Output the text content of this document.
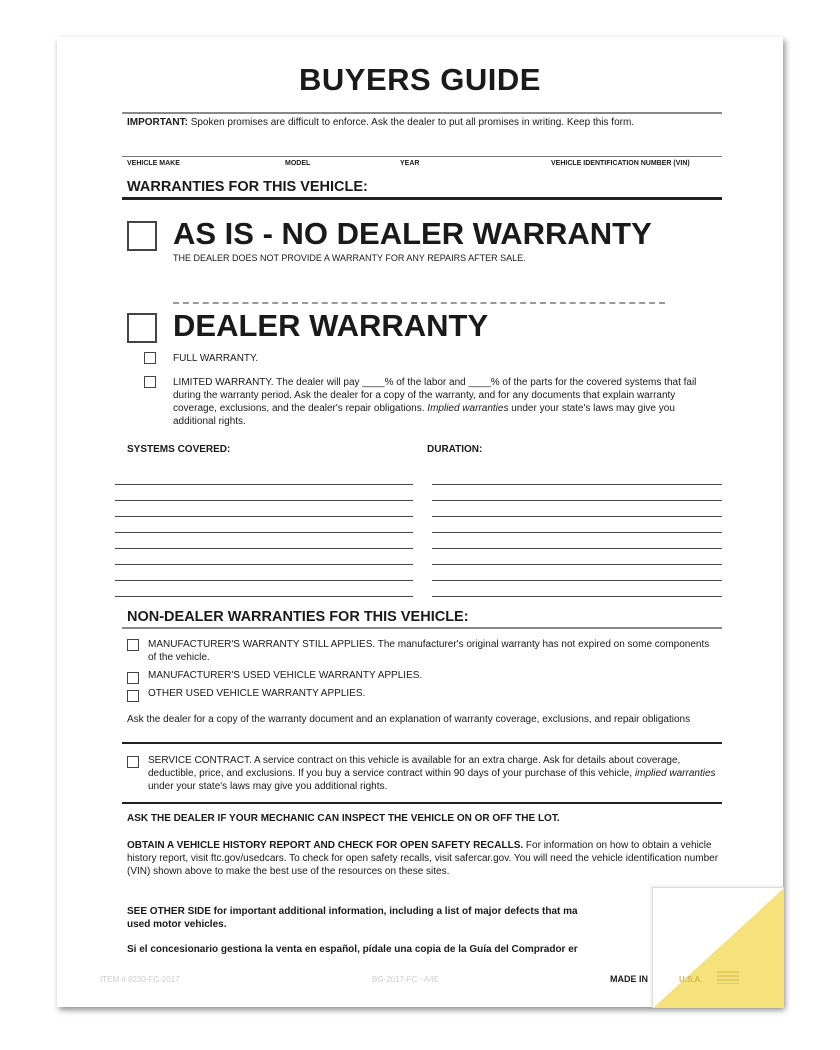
BUYERS GUIDE
IMPORTANT: Spoken promises are difficult to enforce. Ask the dealer to put all promises in writing. Keep this form.
VEHICLE MAKE	MODEL	YEAR	VEHICLE IDENTIFICATION NUMBER (VIN)
WARRANTIES FOR THIS VEHICLE:
AS IS - NO DEALER WARRANTY
THE DEALER DOES NOT PROVIDE A WARRANTY FOR ANY REPAIRS AFTER SALE.
DEALER WARRANTY
FULL WARRANTY.
LIMITED WARRANTY. The dealer will pay ____% of the labor and ____% of the parts for the covered systems that fail during the warranty period. Ask the dealer for a copy of the warranty, and for any documents that explain warranty coverage, exclusions, and the dealer's repair obligations. Implied warranties under your state's laws may give you additional rights.
SYSTEMS COVERED:	DURATION:
NON-DEALER WARRANTIES FOR THIS VEHICLE:
MANUFACTURER'S WARRANTY STILL APPLIES. The manufacturer's original warranty has not expired on some components of the vehicle.
MANUFACTURER'S USED VEHICLE WARRANTY APPLIES.
OTHER USED VEHICLE WARRANTY APPLIES.
Ask the dealer for a copy of the warranty document and an explanation of warranty coverage, exclusions, and repair obligations
SERVICE CONTRACT. A service contract on this vehicle is available for an extra charge. Ask for details about coverage, deductible, price, and exclusions. If you buy a service contract within 90 days of your purchase of this vehicle, implied warranties under your state's laws may give you additional rights.
ASK THE DEALER IF YOUR MECHANIC CAN INSPECT THE VEHICLE ON OR OFF THE LOT.
OBTAIN A VEHICLE HISTORY REPORT AND CHECK FOR OPEN SAFETY RECALLS. For information on how to obtain a vehicle history report, visit ftc.gov/usedcars. To check for open safety recalls, visit safercar.gov. You will need the vehicle identification number (VIN) shown above to make the best use of the resources on these sites.
SEE OTHER SIDE for important additional information, including a list of major defects that ma
used motor vehicles.
Si el concesionario gestiona la venta en español, pídale una copia de la Guía del Comprador er
ITEM # 8230-FC-2017	BG-2017-FC - A/IE	MADE IN	U.S.A.
